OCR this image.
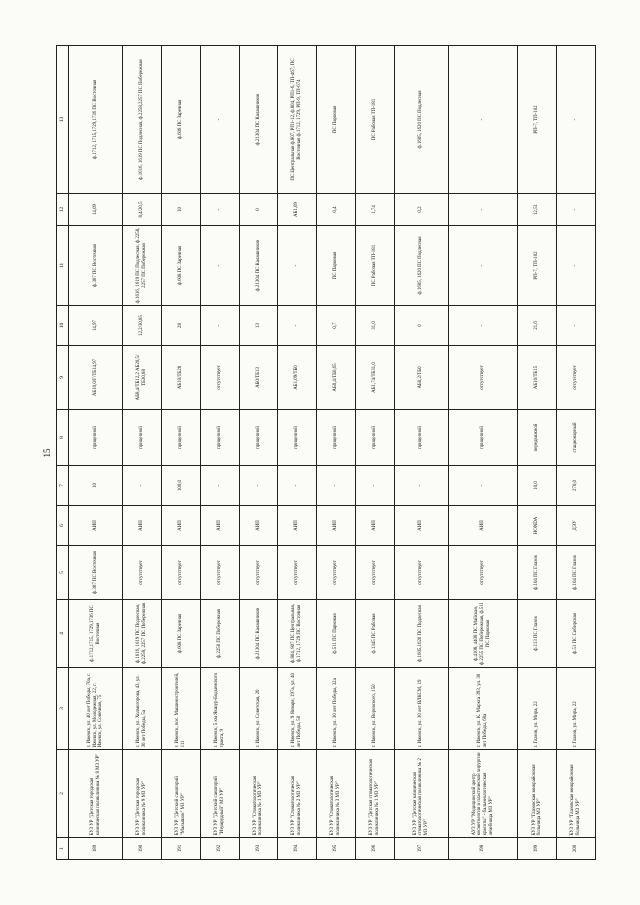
15
1	2	3	4	5	6	7	8	9	10	11	12	13
189	БУЗ УР "Детская городская клиническая поликлиника № 8 МЗ УР"	г. Ижевск, ул. 40 лет Победы, 70а, г. Ижевск, ул. Молодежная, 22, г. Ижевск, ул. Сонечная, 75	ф.1712,1715, 1729,1736 ПС Восточная	ф.307 ПС Восточная	АИП	10	прицепной	АБ10,0/Г/ТБ14,97	14,97	ф.307 ПС Восточная	14,09	ф.1712, 1715,1729,1736 ПС Восточная
190	БУЗ УР "Детская городская поликлиника № 9 МЗ УР"	г. Ижевск, ул. Холмогорова, 43, ул. 30 лет Победы, 5а	ф.1616, 1619 ПС Подлесная, ф.2258, 2257 ПС Побережная	отсутствует	АИП	-	прицепной	АБ8,4/ТБ12,2 АБ20,5/ТБ30,88	12,2/30,85	ф.1616, 1619 ПС Подлесная, ф.2258, 2257 ПС Побережная	8,4/20,5	ф.1616, 1619 ПС Подлесная, ф.2258,2257 ПС Побережная
191	БУЗ УР "Детский санаторий "Малышок" МЗ УР"	г. Ижевск, пос. Машиностроителей, 111	ф.608 ПС Заречная	отсутствует	АИП	100,0	прицепной	АБ10/ТБ28	28	ф.608 ПС Заречная	10	ф.608 ПС Заречная
192	БУЗ УР "Детский санаторий "Изумрудный" МЗ УР"	г. Ижевск, 5 км Якшур-Бодьинского тракта, 9	ф.2250 ПС Побережная	отсутствует	АИП	-	прицепной	отсутствует	-	-	-	-
193	БУЗ УР "Стоматологическая поликлиника № 1 МЗ УР"	г. Ижевск, ул. Советская, 20	ф.21304 ПС Калашников	отсутствует	АИП	-	прицепной	АБ0/ТБ13	13	ф.21304 ПС Калашников	0	ф.21304 ПС Калашников
194	БУЗ УР "Стоматологическая поликлиника № 2 МЗ УР"	г. Ижевск, ул. 9 Января, 197а, ул. 40 лет Победы, 50	ф.804, 807 ПС Центральная, ф.1712, 1729 ПС Восточная	отсутствует	АИП	-	прицепной	АБ1,09/ТБ0	-	-	АБ1,09	ПС Центральная ф.807, РП1-12, ф.804, РП1-6, ТП-467; ПС Восточная ф.1712, 1729, РП-9, ТП-674
195	БУЗ УР "Стоматологическая поликлиника № 3 МЗ УР"	г. Ижевск, ул. 30 лет Победы, 32а	ф.511 ПС Парковая	отсутствует	АИП	-	прицепной	АБ0,4/ТБ0,65	0,7	ПС Парковая	0,4	ПС Парковая
196	БУЗ УР "Детская стоматологическая поликлиника № 1 МЗ УР"	г. Ижевск, ул. Воровского, 150	ф.1345 ПС Рабочая	отсутствует	АИП	-	прицепной	АБ1,74/ТБ31,0	31,0	ПС Рабочая ТП-181	1,74	ПС Рабочая ТП-181
197	БУЗ УР "Детская клиническая стоматологическая поликлиника № 2 МЗ УР"	г. Ижевск, ул. 30 лет ВЛКСМ, 19	ф.1605,1620 ПС Подлесная	отсутствует	АИП	-	прицепной	АБ0,2/ТБ0	0	ф.1605, 1620 ПС Подлесная	0,2	ф.1605, 1620 ПС Подлесная
198	АУЗ УР "Медицинский центр косметологии и пластической хирургии красоты" - бальнеологическая лечебница МЗ УР"	г. Ижевск, ул. К. Маркса 393, ул. 30 лет Победы, 60а	ф.4108, 4408 ПС Майская, ф.2255 ПС Побережная, ф.511 ПС Парковая	отсутствует	АИП	-	прицепной	отсутствует	-	-	-	-
199	БУЗ УР "Глазовская межрайонная больница МЗ УР"	г. Глазов, ул. Мира, 22	ф.113 ПС Глазов	ф.104 ПС Глазов	HONDA	10,0	передвижной	АБ10/ТБ15	21,6	РП-7, ТП-102	12,51	РП-7, ТП-102
200	БУЗ УР "Глазовская межрайонная больница МЗ УР"	г. Глазов, ул. Мира, 22	ф.51 ПС Сибирская	ф.104 ПС Глазов	ДЭУ	270,0	стационарный	отсутствует	-	-	-	-
